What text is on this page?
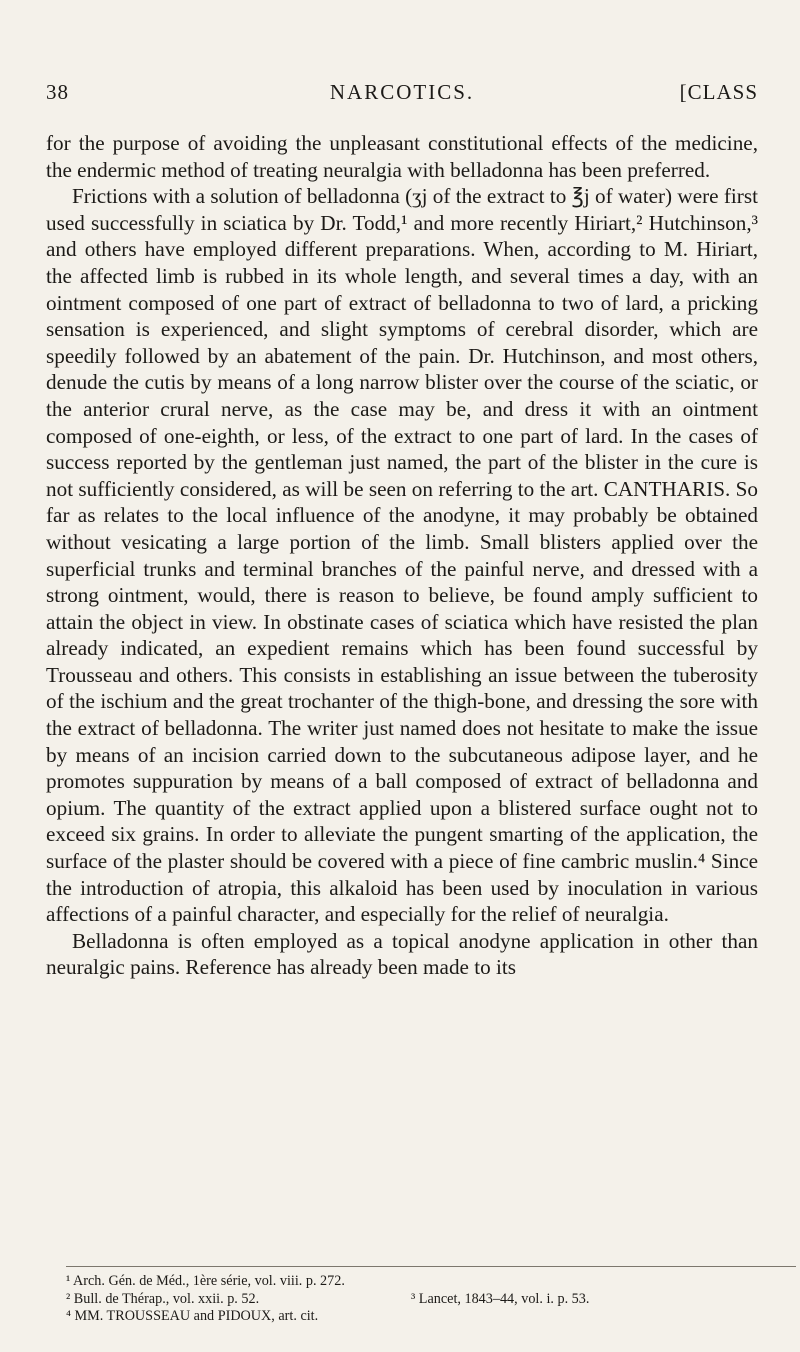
38	NARCOTICS.	[CLASS

for the purpose of avoiding the unpleasant constitutional effects of the medicine, the endermic method of treating neuralgia with belladonna has been preferred.

Frictions with a solution of belladonna (ʒj of the extract to ℥j of water) were first used successfully in sciatica by Dr. Todd,¹ and more recently Hiriart,² Hutchinson,³ and others have employed different preparations. When, according to M. Hiriart, the affected limb is rubbed in its whole length, and several times a day, with an ointment composed of one part of extract of belladonna to two of lard, a pricking sensation is experienced, and slight symptoms of cerebral disorder, which are speedily followed by an abatement of the pain. Dr. Hutchinson, and most others, denude the cutis by means of a long narrow blister over the course of the sciatic, or the anterior crural nerve, as the case may be, and dress it with an ointment composed of one-eighth, or less, of the extract to one part of lard. In the cases of success reported by the gentleman just named, the part of the blister in the cure is not sufficiently considered, as will be seen on referring to the art. CANTHARIS. So far as relates to the local influence of the anodyne, it may probably be obtained without vesicating a large portion of the limb. Small blisters applied over the superficial trunks and terminal branches of the painful nerve, and dressed with a strong ointment, would, there is reason to believe, be found amply sufficient to attain the object in view. In obstinate cases of sciatica which have resisted the plan already indicated, an expedient remains which has been found successful by Trousseau and others. This consists in establishing an issue between the tuberosity of the ischium and the great trochanter of the thigh-bone, and dressing the sore with the extract of belladonna. The writer just named does not hesitate to make the issue by means of an incision carried down to the subcutaneous adipose layer, and he promotes suppuration by means of a ball composed of extract of belladonna and opium. The quantity of the extract applied upon a blistered surface ought not to exceed six grains. In order to alleviate the pungent smarting of the application, the surface of the plaster should be covered with a piece of fine cambric muslin.⁴ Since the introduction of atropia, this alkaloid has been used by inoculation in various affections of a painful character, and especially for the relief of neuralgia.

Belladonna is often employed as a topical anodyne application in other than neuralgic pains. Reference has already been made to its

¹ Arch. Gén. de Méd., 1ère série, vol. viii. p. 272.
² Bull. de Thérap., vol. xxii. p. 52.	³ Lancet, 1843–44, vol. i. p. 53.
⁴ MM. TROUSSEAU and PIDOUX, art. cit.
